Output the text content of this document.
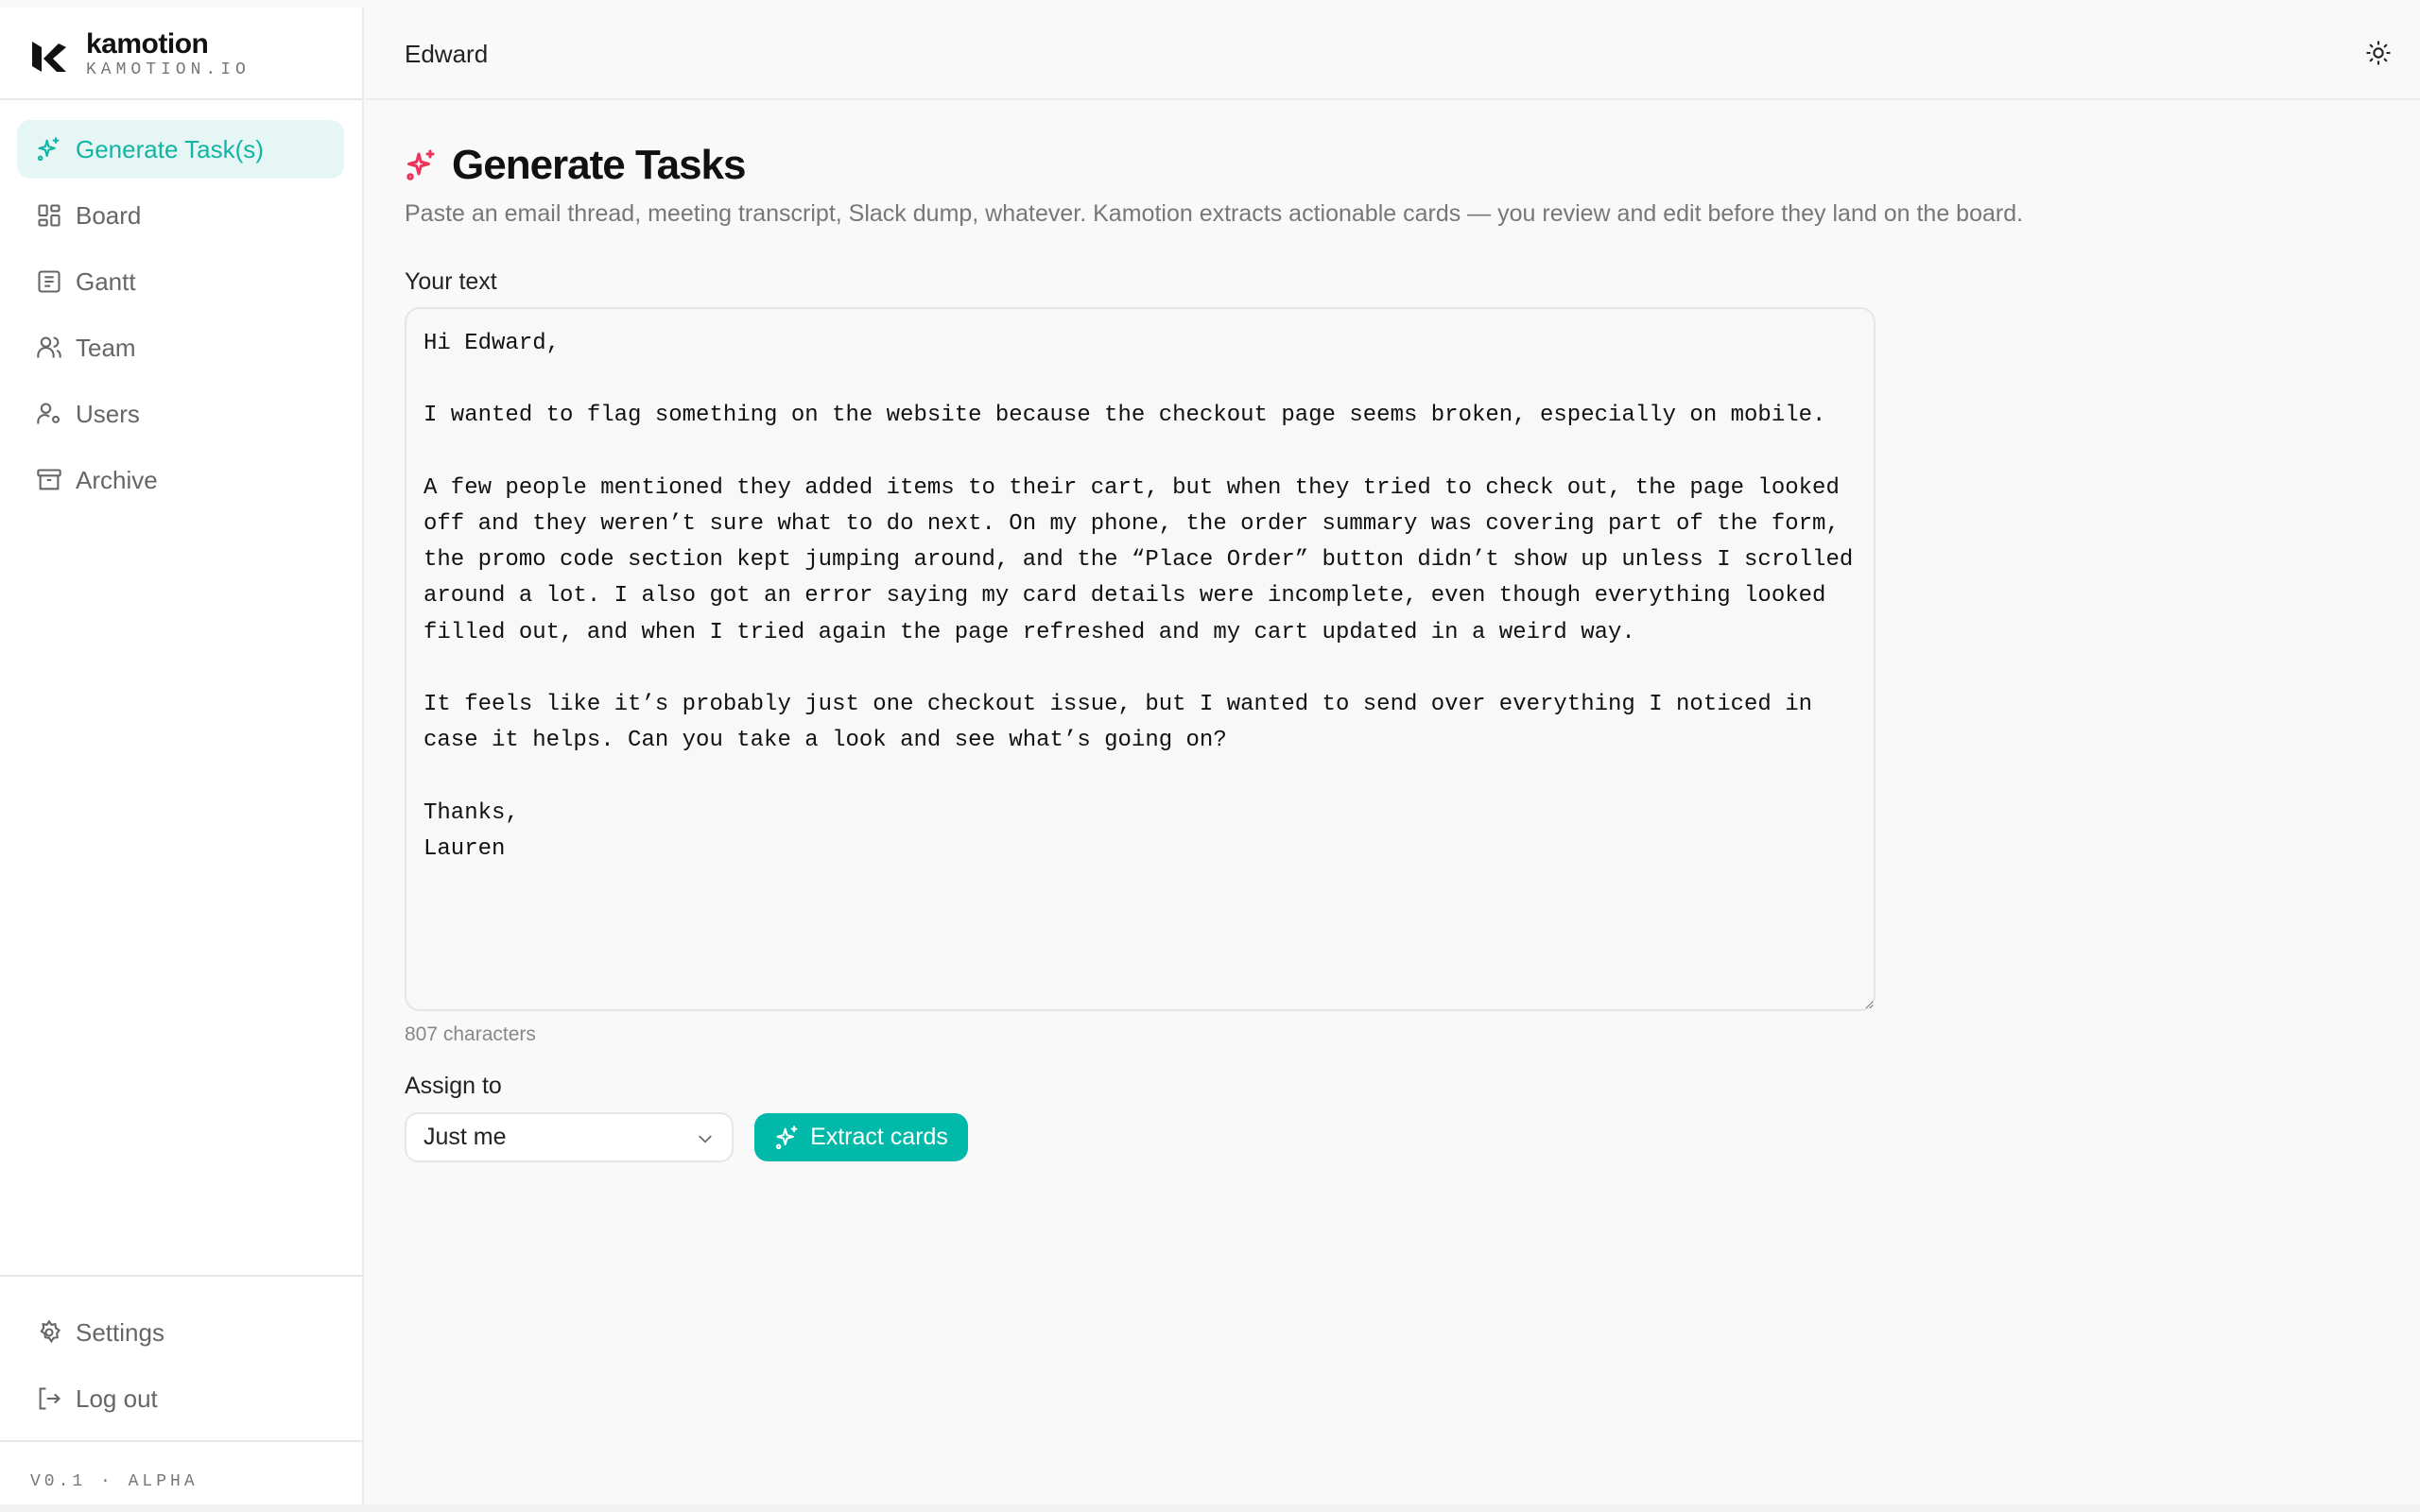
kamotion
KAMOTION.IO
Generate Task(s)
Board
Gantt
Team
Users
Archive
Settings
Log out
V0.1 · ALPHA
Edward
Generate Tasks
Paste an email thread, meeting transcript, Slack dump, whatever. Kamotion extracts actionable cards — you review and edit before they land on the board.
Your text
Hi Edward, I wanted to flag something on the website because the checkout page seems broken, especially on mobile. A few people mentioned they added items to their cart, but when they tried to check out, the page looked off and they weren’t sure what to do next. On my phone, the order summary was covering part of the form, the promo code section kept jumping around, and the “Place Order” button didn’t show up unless I scrolled around a lot. I also got an error saying my card details were incomplete, even though everything looked filled out, and when I tried again the page refreshed and my cart updated in a weird way. It feels like it’s probably just one checkout issue, but I wanted to send over everything I noticed in case it helps. Can you take a look and see what’s going on? Thanks, Lauren
807 characters
Assign to
Just me	Extract cards
